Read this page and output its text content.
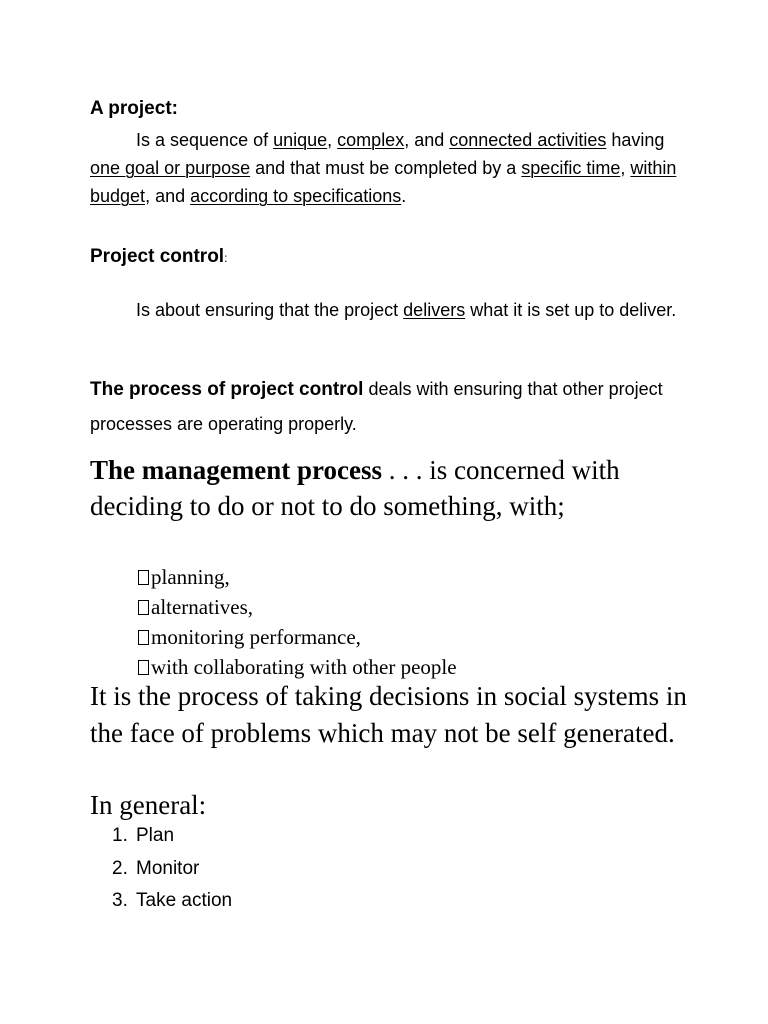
A project:

Is a sequence of unique, complex, and connected activities having one goal or purpose and that must be completed by a specific time, within budget, and according to specifications.

Project control:

Is about ensuring that the project delivers what it is set up to deliver.

The process of project control deals with ensuring that other project processes are operating properly.

The management process . . . is concerned with deciding to do or not to do something, with;

planning,
alternatives,
monitoring performance,
with collaborating with other people

It is the process of taking decisions in social systems in the face of problems which may not be self generated.

In general:

1. Plan
2. Monitor
3. Take action
